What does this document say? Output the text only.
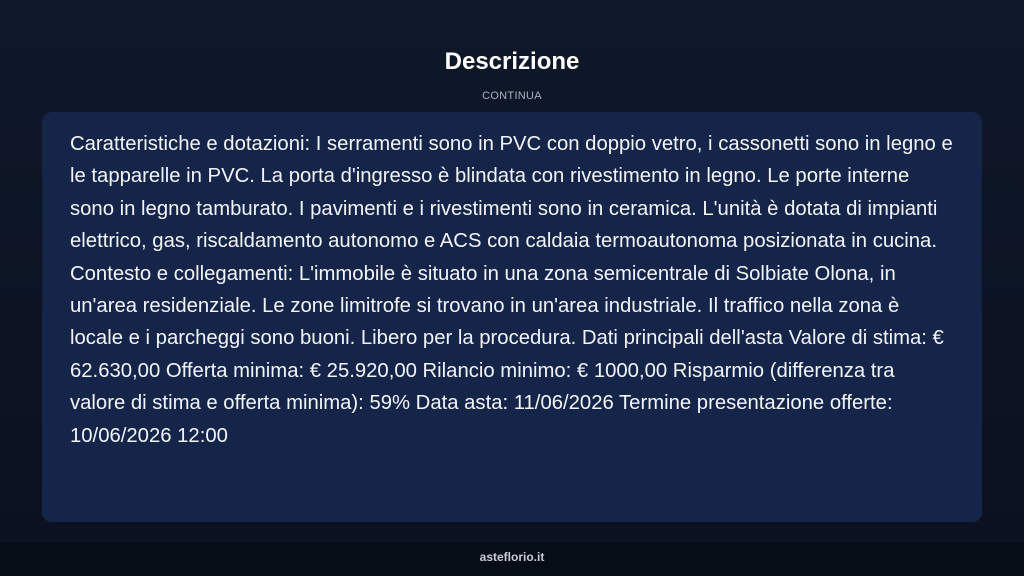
Descrizione
CONTINUA

Caratteristiche e dotazioni: I serramenti sono in PVC con doppio vetro, i cassonetti sono in legno e le tapparelle in PVC. La porta d'ingresso è blindata con rivestimento in legno. Le porte interne sono in legno tamburato. I pavimenti e i rivestimenti sono in ceramica. L'unità è dotata di impianti elettrico, gas, riscaldamento autonomo e ACS con caldaia termoautonoma posizionata in cucina. Contesto e collegamenti: L'immobile è situato in una zona semicentrale di Solbiate Olona, in un'area residenziale. Le zone limitrofe si trovano in un'area industriale. Il traffico nella zona è locale e i parcheggi sono buoni. Libero per la procedura. Dati principali dell'asta Valore di stima: € 62.630,00 Offerta minima: € 25.920,00 Rilancio minimo: € 1000,00 Risparmio (differenza tra valore di stima e offerta minima): 59% Data asta: 11/06/2026 Termine presentazione offerte: 10/06/2026 12:00

asteflorio.it
